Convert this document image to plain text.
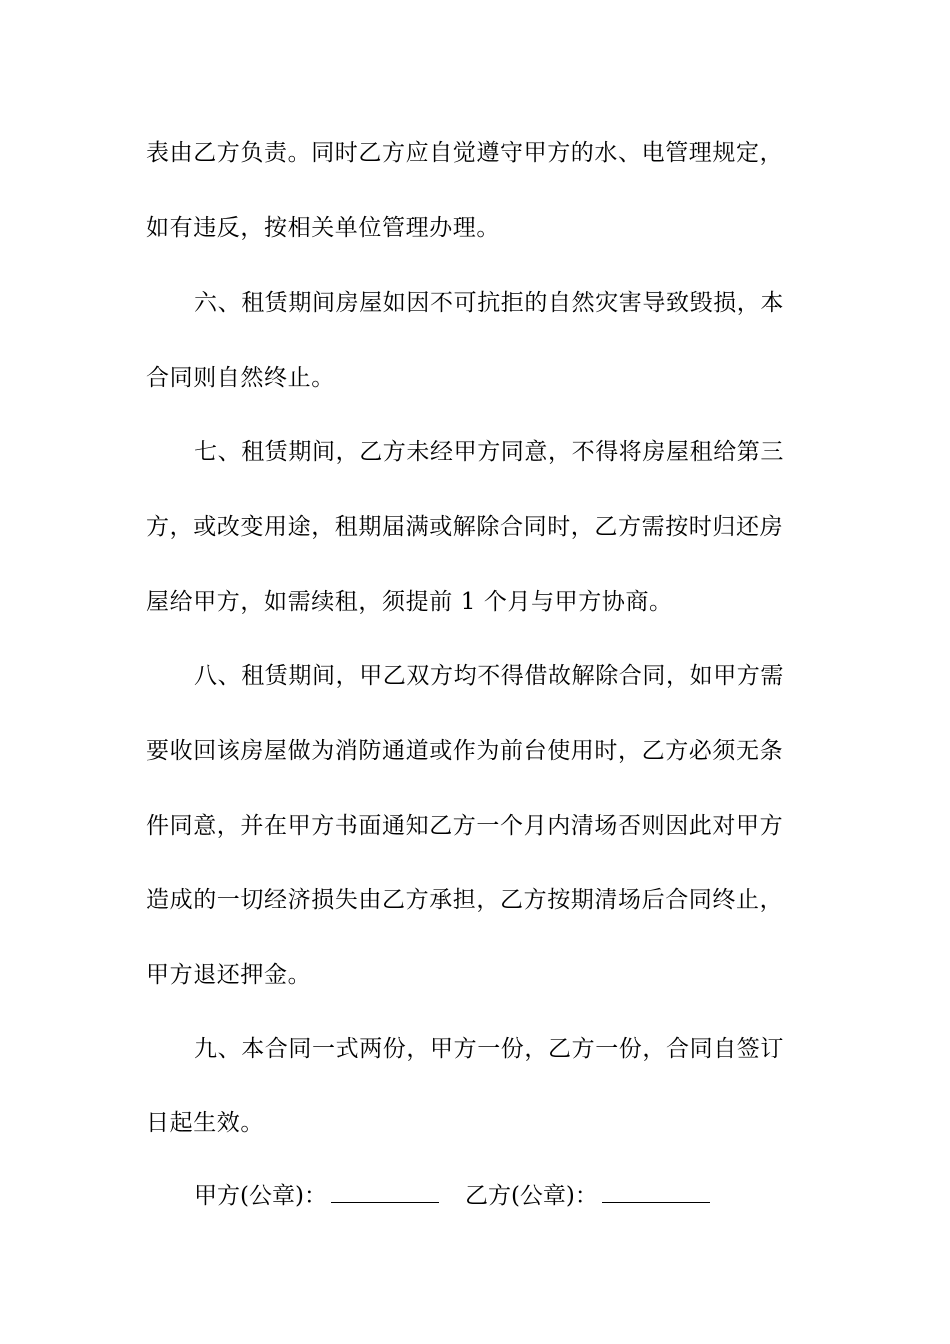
表由乙方负责。同时乙方应自觉遵守甲方的水、电管理规定，
如有违反，按相关单位管理办理。
六、租赁期间房屋如因不可抗拒的自然灾害导致毁损，本
合同则自然终止。
七、租赁期间，乙方未经甲方同意，不得将房屋租给第三
方，或改变用途，租期届满或解除合同时，乙方需按时归还房
屋给甲方，如需续租，须提前 1 个月与甲方协商。
八、租赁期间，甲乙双方均不得借故解除合同，如甲方需
要收回该房屋做为消防通道或作为前台使用时，乙方必须无条
件同意，并在甲方书面通知乙方一个月内清场否则因此对甲方
造成的一切经济损失由乙方承担，乙方按期清场后合同终止，
甲方退还押金。
九、本合同一式两份，甲方一份，乙方一份，合同自签订
日起生效。
甲方(公章)：	乙方(公章)：
